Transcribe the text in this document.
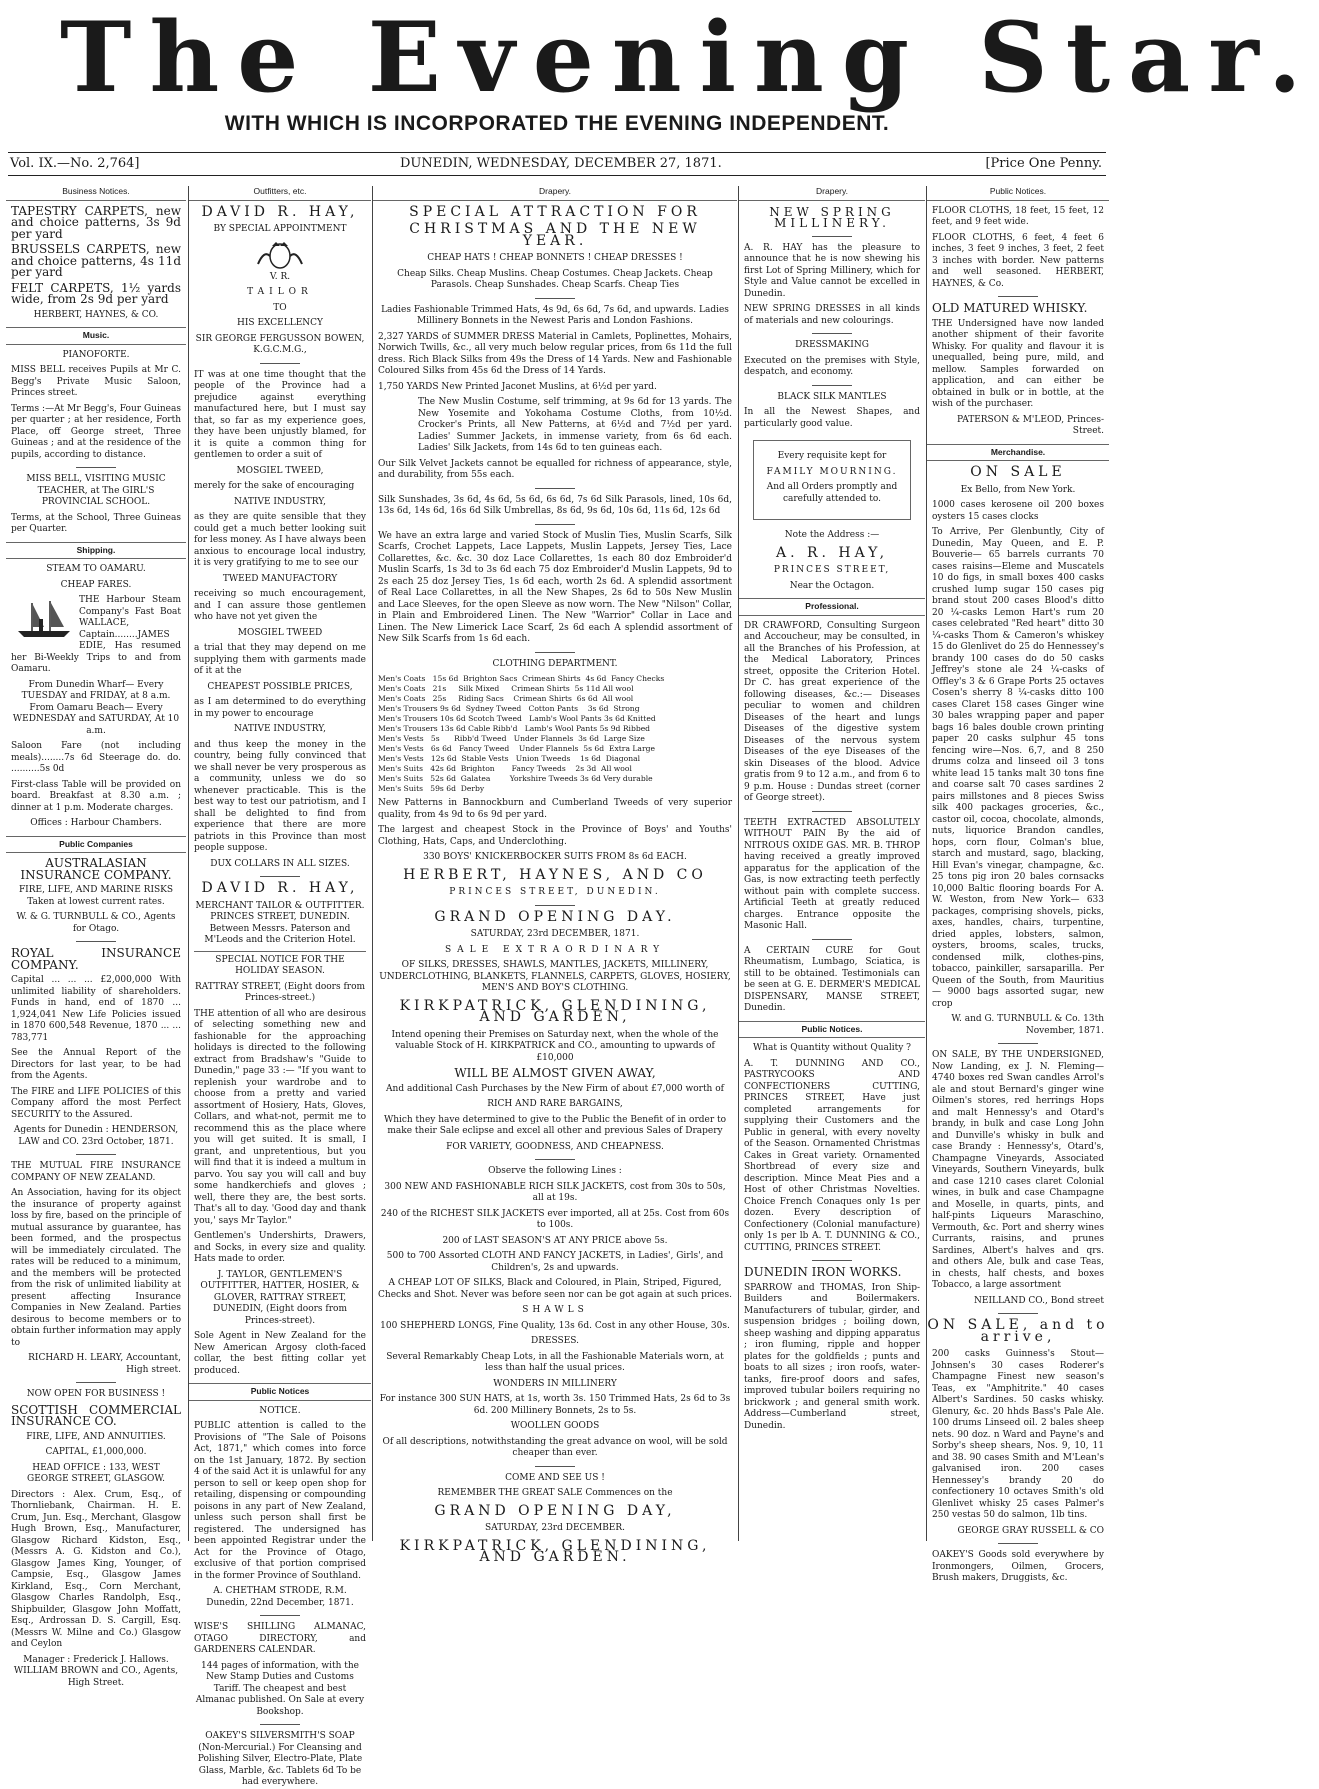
The Evening Star.
WITH WHICH IS INCORPORATED THE EVENING INDEPENDENT.
Vol. IX.—No. 2,764]	DUNEDIN, WEDNESDAY, DECEMBER 27, 1871.	[Price One Penny.
Business Notices.
TAPESTRY CARPETS, new and choice patterns, 3s 9d per yard
BRUSSELS CARPETS, new and choice patterns, 4s 11d per yard
FELT CARPETS, 1½ yards wide, from 2s 9d per yard
HERBERT, HAYNES, & CO.
Music.
PIANOFORTE.
MISS BELL receives Pupils at Mr C. Begg's Private Music Saloon, Princes street.
Terms :—At Mr Begg's, Four Guineas per quarter ; at her residence, Forth Place, off George street, Three Guineas ; and at the residence of the pupils, according to distance.
MISS BELL, VISITING MUSIC TEACHER, at The GIRL'S PROVINCIAL SCHOOL.
Terms, at the School, Three Guineas per Quarter.
Shipping.
STEAM TO OAMARU.
CHEAP FARES.
THE Harbour Steam Company's Fast Boat WALLACE, Captain........JAMES EDIE, Has resumed her Bi-Weekly Trips to and from Oamaru.
From Dunedin Wharf— Every TUESDAY and FRIDAY, at 8 a.m. From Oamaru Beach— Every WEDNESDAY and SATURDAY, At 10 a.m.
Saloon Fare (not including meals)........7s 6d Steerage do. do. ..........5s 0d
First-class Table will be provided on board. Breakfast at 8.30 a.m. ; dinner at 1 p.m. Moderate charges.
Offices : Harbour Chambers.
Public Companies
AUSTRALASIAN INSURANCE COMPANY.
FIRE, LIFE, AND MARINE RISKS Taken at lowest current rates.
W. & G. TURNBULL & CO., Agents for Otago.
ROYAL INSURANCE COMPANY.
Capital ... ... ... £2,000,000 With unlimited liability of shareholders. Funds in hand, end of 1870 ... 1,924,041 New Life Policies issued in 1870 600,548 Revenue, 1870 ... ... 783,771
See the Annual Report of the Directors for last year, to be had from the Agents.
The FIRE and LIFE POLICIES of this Company afford the most Perfect SECURITY to the Assured.
Agents for Dunedin : HENDERSON, LAW and CO. 23rd October, 1871.
THE MUTUAL FIRE INSURANCE COMPANY OF NEW ZEALAND.
An Association, having for its object the insurance of property against loss by fire, based on the principle of mutual assurance by guarantee, has been formed, and the prospectus will be immediately circulated. The rates will be reduced to a minimum, and the members will be protected from the risk of unlimited liability at present affecting Insurance Companies in New Zealand. Parties desirous to become members or to obtain further information may apply to
RICHARD H. LEARY, Accountant, High street.
NOW OPEN FOR BUSINESS !
SCOTTISH COMMERCIAL INSURANCE CO.
FIRE, LIFE, AND ANNUITIES.
CAPITAL, £1,000,000.
HEAD OFFICE : 133, WEST GEORGE STREET, GLASGOW.
Directors : Alex. Crum, Esq., of Thornliebank, Chairman. H. E. Crum, Jun. Esq., Merchant, Glasgow Hugh Brown, Esq., Manufacturer, Glasgow Richard Kidston, Esq., (Messrs A. G. Kidston and Co.), Glasgow James King, Younger, of Campsie, Esq., Glasgow James Kirkland, Esq., Corn Merchant, Glasgow Charles Randolph, Esq., Shipbuilder, Glasgow John Moffatt, Esq., Ardrossan D. S. Cargill, Esq. (Messrs W. Milne and Co.) Glasgow and Ceylon
Manager : Frederick J. Hallows. WILLIAM BROWN and CO., Agents, High Street.
Outfitters, etc.
DAVID R. HAY,
BY SPECIAL APPOINTMENT
V. R.
TAILOR
TO
HIS EXCELLENCY
SIR GEORGE FERGUSSON BOWEN, K.G.C.M.G.,
IT was at one time thought that the people of the Province had a prejudice against everything manufactured here, but I must say that, so far as my experience goes, they have been unjustly blamed, for it is quite a common thing for gentlemen to order a suit of
MOSGIEL TWEED,
merely for the sake of encouraging
NATIVE INDUSTRY,
as they are quite sensible that they could get a much better looking suit for less money. As I have always been anxious to encourage local industry, it is very gratifying to me to see our
TWEED MANUFACTORY
receiving so much encouragement, and I can assure those gentlemen who have not yet given the
MOSGIEL TWEED
a trial that they may depend on me supplying them with garments made of it at the
CHEAPEST POSSIBLE PRICES,
as I am determined to do everything in my power to encourage
NATIVE INDUSTRY,
and thus keep the money in the country, being fully convinced that we shall never be very prosperous as a community, unless we do so whenever practicable. This is the best way to test our patriotism, and I shall be delighted to find from experience that there are more patriots in this Province than most people suppose.
DUX COLLARS IN ALL SIZES.
DAVID R. HAY,
MERCHANT TAILOR & OUTFITTER. PRINCES STREET, DUNEDIN. Between Messrs. Paterson and M'Leods and the Criterion Hotel.
SPECIAL NOTICE FOR THE HOLIDAY SEASON.
RATTRAY STREET, (Eight doors from Princes-street.)
THE attention of all who are desirous of selecting something new and fashionable for the approaching holidays is directed to the following extract from Bradshaw's "Guide to Dunedin," page 33 :— "If you want to replenish your wardrobe and to choose from a pretty and varied assortment of Hosiery, Hats, Gloves, Collars, and what-not, permit me to recommend this as the place where you will get suited. It is small, I grant, and unpretentious, but you will find that it is indeed a multum in parvo. You say you will call and buy some handkerchiefs and gloves ; well, there they are, the best sorts. That's all to day. 'Good day and thank you,' says Mr Taylor."
Gentlemen's Undershirts, Drawers, and Socks, in every size and quality. Hats made to order.
J. TAYLOR, GENTLEMEN'S OUTFITTER, HATTER, HOSIER, & GLOVER, RATTRAY STREET, DUNEDIN, (Eight doors from Princes-street).
Sole Agent in New Zealand for the New American Argosy cloth-faced collar, the best fitting collar yet produced.
Public Notices
NOTICE.
PUBLIC attention is called to the Provisions of "The Sale of Poisons Act, 1871," which comes into force on the 1st January, 1872. By section 4 of the said Act it is unlawful for any person to sell or keep open shop for retailing, dispensing or compounding poisons in any part of New Zealand, unless such person shall first be registered. The undersigned has been appointed Registrar under the Act for the Province of Otago, exclusive of that portion comprised in the former Province of Southland.
A. CHETHAM STRODE, R.M. Dunedin, 22nd December, 1871.
WISE'S SHILLING ALMANAC, OTAGO DIRECTORY, and GARDENERS CALENDAR.
144 pages of information, with the New Stamp Duties and Customs Tariff. The cheapest and best Almanac published. On Sale at every Bookshop.
OAKEY'S SILVERSMITH'S SOAP (Non-Mercurial.) For Cleansing and Polishing Silver, Electro-Plate, Plate Glass, Marble, &c. Tablets 6d To be had everywhere.
Drapery.
SPECIAL ATTRACTION FOR
CHRISTMAS AND THE NEW YEAR.
CHEAP HATS ! CHEAP BONNETS ! CHEAP DRESSES !
Cheap Silks. Cheap Muslins. Cheap Costumes. Cheap Jackets. Cheap Parasols. Cheap Sunshades. Cheap Scarfs. Cheap Ties
Ladies Fashionable Trimmed Hats, 4s 9d, 6s 6d, 7s 6d, and upwards. Ladies Millinery Bonnets in the Newest Paris and London Fashions.
2,327 YARDS of SUMMER DRESS Material in Camlets, Poplinettes, Mohairs, Norwich Twills, &c., all very much below regular prices, from 6s 11d the full dress. Rich Black Silks from 49s the Dress of 14 Yards. New and Fashionable Coloured Silks from 45s 6d the Dress of 14 Yards.
1,750 YARDS New Printed Jaconet Muslins, at 6½d per yard.
The New Muslin Costume, self trimming, at 9s 6d for 13 yards. The New Yosemite and Yokohama Costume Cloths, from 10½d. Crocker's Prints, all New Patterns, at 6½d and 7½d per yard. Ladies' Summer Jackets, in immense variety, from 6s 6d each. Ladies' Silk Jackets, from 14s 6d to ten guineas each.
Our Silk Velvet Jackets cannot be equalled for richness of appearance, style, and durability, from 55s each.
Silk Sunshades, 3s 6d, 4s 6d, 5s 6d, 6s 6d, 7s 6d Silk Parasols, lined, 10s 6d, 13s 6d, 14s 6d, 16s 6d Silk Umbrellas, 8s 6d, 9s 6d, 10s 6d, 11s 6d, 12s 6d
We have an extra large and varied Stock of Muslin Ties, Muslin Scarfs, Silk Scarfs, Crochet Lappets, Lace Lappets, Muslin Lappets, Jersey Ties, Lace Collarettes, &c. &c. 30 doz Lace Collarettes, 1s each 80 doz Embroider'd Muslin Scarfs, 1s 3d to 3s 6d each 75 doz Embroider'd Muslin Lappets, 9d to 2s each 25 doz Jersey Ties, 1s 6d each, worth 2s 6d. A splendid assortment of Real Lace Collarettes, in all the New Shapes, 2s 6d to 50s New Muslin and Lace Sleeves, for the open Sleeve as now worn. The New "Nilson" Collar, in Plain and Embroidered Linen. The New "Warrior" Collar in Lace and Linen. The New Limerick Lace Scarf, 2s 6d each A splendid assortment of New Silk Scarfs from 1s 6d each.
CLOTHING DEPARTMENT.
Men's Coats   15s 6d  Brighton Sacs  Crimean Shirts  4s 6d  Fancy Checks
Men's Coats   21s     Silk Mixed     Crimean Shirts  5s 11d All wool
Men's Coats   25s     Riding Sacs    Crimean Shirts  6s 6d  All wool
Men's Trousers 9s 6d  Sydney Tweed   Cotton Pants    3s 6d  Strong
Men's Trousers 10s 6d Scotch Tweed   Lamb's Wool Pants 3s 6d Knitted
Men's Trousers 13s 6d Cable Ribb'd   Lamb's Wool Pants 5s 9d Ribbed
Men's Vests   5s      Ribb'd Tweed   Under Flannels  3s 6d  Large Size
Men's Vests   6s 6d   Fancy Tweed    Under Flannels  5s 6d  Extra Large
Men's Vests   12s 6d  Stable Vests   Union Tweeds    1s 6d  Diagonal
Men's Suits   42s 6d  Brighton       Fancy Tweeds    2s 3d  All wool
Men's Suits   52s 6d  Galatea        Yorkshire Tweeds 3s 6d Very durable
Men's Suits   59s 6d  Derby
New Patterns in Bannockburn and Cumberland Tweeds of very superior quality, from 4s 9d to 6s 9d per yard.
The largest and cheapest Stock in the Province of Boys' and Youths' Clothing, Hats, Caps, and Underclothing.
330 BOYS' KNICKERBOCKER SUITS FROM 8s 6d EACH.
HERBERT, HAYNES, AND CO
PRINCES STREET, DUNEDIN.
GRAND OPENING DAY.
SATURDAY, 23rd DECEMBER, 1871.
SALE EXTRAORDINARY
OF SILKS, DRESSES, SHAWLS, MANTLES, JACKETS, MILLINERY, UNDERCLOTHING, BLANKETS, FLANNELS, CARPETS, GLOVES, HOSIERY, MEN'S AND BOY'S CLOTHING.
KIRKPATRICK, GLENDINING, AND GARDEN,
Intend opening their Premises on Saturday next, when the whole of the valuable Stock of H. KIRKPATRICK and CO., amounting to upwards of £10,000
WILL BE ALMOST GIVEN AWAY,
And additional Cash Purchases by the New Firm of about £7,000 worth of
RICH AND RARE BARGAINS,
Which they have determined to give to the Public the Benefit of in order to make their Sale eclipse and excel all other and previous Sales of Drapery
FOR VARIETY, GOODNESS, AND CHEAPNESS.
Observe the following Lines :
300 NEW AND FASHIONABLE RICH SILK JACKETS, cost from 30s to 50s, all at 19s.
240 of the RICHEST SILK JACKETS ever imported, all at 25s. Cost from 60s to 100s.
200 of LAST SEASON'S AT ANY PRICE above 5s.
500 to 700 Assorted CLOTH AND FANCY JACKETS, in Ladies', Girls', and Children's, 2s and upwards.
A CHEAP LOT OF SILKS, Black and Coloured, in Plain, Striped, Figured, Checks and Shot. Never was before seen nor can be got again at such prices.
SHAWLS
100 SHEPHERD LONGS, Fine Quality, 13s 6d. Cost in any other House, 30s.
DRESSES.
Several Remarkably Cheap Lots, in all the Fashionable Materials worn, at less than half the usual prices.
WONDERS IN MILLINERY
For instance 300 SUN HATS, at 1s, worth 3s. 150 Trimmed Hats, 2s 6d to 3s 6d. 200 Millinery Bonnets, 2s to 5s.
WOOLLEN GOODS
Of all descriptions, notwithstanding the great advance on wool, will be sold cheaper than ever.
COME AND SEE US !
REMEMBER THE GREAT SALE Commences on the
GRAND OPENING DAY,
SATURDAY, 23rd DECEMBER.
KIRKPATRICK, GLENDINING, AND GARDEN.
Drapery.
NEW SPRING MILLINERY.
A. R. HAY has the pleasure to announce that he is now shewing his first Lot of Spring Millinery, which for Style and Value cannot be excelled in Dunedin.
NEW SPRING DRESSES in all kinds of materials and new colourings.
DRESSMAKING
Executed on the premises with Style, despatch, and economy.
BLACK SILK MANTLES
In all the Newest Shapes, and particularly good value.
Every requisite kept for
FAMILY MOURNING.
And all Orders promptly and carefully attended to.
Note the Address :—
A. R. HAY,
PRINCES STREET,
Near the Octagon.
Professional.
DR CRAWFORD, Consulting Surgeon and Accoucheur, may be consulted, in all the Branches of his Profession, at the Medical Laboratory, Princes street, opposite the Criterion Hotel. Dr C. has great experience of the following diseases, &c.:— Diseases peculiar to women and children Diseases of the heart and lungs Diseases of the digestive system Diseases of the nervous system Diseases of the eye Diseases of the skin Diseases of the blood. Advice gratis from 9 to 12 a.m., and from 6 to 9 p.m. House : Dundas street (corner of George street).
TEETH EXTRACTED ABSOLUTELY WITHOUT PAIN By the aid of NITROUS OXIDE GAS. MR. B. THROP having received a greatly improved apparatus for the application of the Gas, is now extracting teeth perfectly without pain with complete success. Artificial Teeth at greatly reduced charges. Entrance opposite the Masonic Hall.
A CERTAIN CURE for Gout Rheumatism, Lumbago, Sciatica, is still to be obtained. Testimonials can be seen at G. E. DERMER'S MEDICAL DISPENSARY, MANSE STREET, Dunedin.
Public Notices.
What is Quantity without Quality ?
A. T. DUNNING AND CO., PASTRYCOOKS AND CONFECTIONERS CUTTING, PRINCES STREET, Have just completed arrangements for supplying their Customers and the Public in general, with every novelty of the Season. Ornamented Christmas Cakes in Great variety. Ornamented Shortbread of every size and description. Mince Meat Pies and a Host of other Christmas Novelties. Choice French Conaques only 1s per dozen. Every description of Confectionery (Colonial manufacture) only 1s per lb A. T. DUNNING & CO., CUTTING, PRINCES STREET.
DUNEDIN IRON WORKS.
SPARROW and THOMAS, Iron Ship-Builders and Boilermakers. Manufacturers of tubular, girder, and suspension bridges ; boiling down, sheep washing and dipping apparatus ; iron fluming, ripple and hopper plates for the goldfields ; punts and boats to all sizes ; iron roofs, water-tanks, fire-proof doors and safes, improved tubular boilers requiring no brickwork ; and general smith work. Address—Cumberland street, Dunedin.
Public Notices.
FLOOR CLOTHS, 18 feet, 15 feet, 12 feet, and 9 feet wide.
FLOOR CLOTHS, 6 feet, 4 feet 6 inches, 3 feet 9 inches, 3 feet, 2 feet 3 inches with border. New patterns and well seasoned. HERBERT, HAYNES, & Co.
OLD MATURED WHISKY.
THE Undersigned have now landed another shipment of their favorite Whisky. For quality and flavour it is unequalled, being pure, mild, and mellow. Samples forwarded on application, and can either be obtained in bulk or in bottle, at the wish of the purchaser.
PATERSON & M'LEOD, Princes-Street.
Merchandise.
ON SALE
Ex Bello, from New York.
1000 cases kerosene oil 200 boxes oysters 15 cases clocks
To Arrive, Per Glenbuntly, City of Dunedin, May Queen, and E. P. Bouverie— 65 barrels currants 70 cases raisins—Eleme and Muscatels 10 do figs, in small boxes 400 casks crushed lump sugar 150 cases pig brand stout 200 cases Blood's ditto 20 ¼-casks Lemon Hart's rum 20 cases celebrated "Red heart" ditto 30 ¼-casks Thom & Cameron's whiskey 15 do Glenlivet do 25 do Hennessey's brandy 100 cases do do 50 casks Jeffrey's stone ale 24 ¼-casks of Offley's 3 & 6 Grape Ports 25 octaves Cosen's sherry 8 ¼-casks ditto 100 cases Claret 158 cases Ginger wine 30 bales wrapping paper and paper bags 16 bales double crown printing paper 20 casks sulphur 45 tons fencing wire—Nos. 6,7, and 8 250 drums colza and linseed oil 3 tons white lead 15 tanks malt 30 tons fine and coarse salt 70 cases sardines 2 pairs millstones and 8 pieces Swiss silk 400 packages groceries, &c., castor oil, cocoa, chocolate, almonds, nuts, liquorice Brandon candles, hops, corn flour, Colman's blue, starch and mustard, sago, blacking, Hill Evan's vinegar, champagne, &c. 25 tons pig iron 20 bales cornsacks 10,000 Baltic flooring boards For A. W. Weston, from New York— 633 packages, comprising shovels, picks, axes, handles, chairs, turpentine, dried apples, lobsters, salmon, oysters, brooms, scales, trucks, condensed milk, clothes-pins, tobacco, painkiller, sarsaparilla. Per Queen of the South, from Mauritius— 9000 bags assorted sugar, new crop
W. and G. TURNBULL & Co. 13th November, 1871.
ON SALE, BY THE UNDERSIGNED, Now Landing, ex J. N. Fleming— 4740 boxes red Swan candles Arrol's ale and stout Bernard's ginger wine Oilmen's stores, red herrings Hops and malt Hennessy's and Otard's brandy, in bulk and case Long John and Dunville's whisky in bulk and case Brandy : Hennessy's, Otard's, Champagne Vineyards, Associated Vineyards, Southern Vineyards, bulk and case 1210 cases claret Colonial wines, in bulk and case Champagne and Moselle, in quarts, pints, and half-pints Liqueurs Maraschino, Vermouth, &c. Port and sherry wines Currants, raisins, and prunes Sardines, Albert's halves and qrs. and others Ale, bulk and case Teas, in chests, half chests, and boxes Tobacco, a large assortment
NEILLAND CO., Bond street
ON SALE, and to arrive,
200 casks Guinness's Stout—Johnsen's 30 cases Roderer's Champagne Finest new season's Teas, ex "Amphitrite." 40 cases Albert's Sardines. 50 casks whisky. Glenury, &c. 20 hhds Bass's Pale Ale. 100 drums Linseed oil. 2 bales sheep nets. 90 doz. n Ward and Payne's and Sorby's sheep shears, Nos. 9, 10, 11 and 38. 90 cases Smith and M'Lean's galvanised iron. 200 cases Hennessey's brandy 20 do confectionery 10 octaves Smith's old Glenlivet whisky 25 cases Palmer's 250 vestas 50 do salmon, 1lb tins.
GEORGE GRAY RUSSELL & CO
OAKEY'S Goods sold everywhere by Ironmongers, Oilmen, Grocers, Brush makers, Druggists, &c.
